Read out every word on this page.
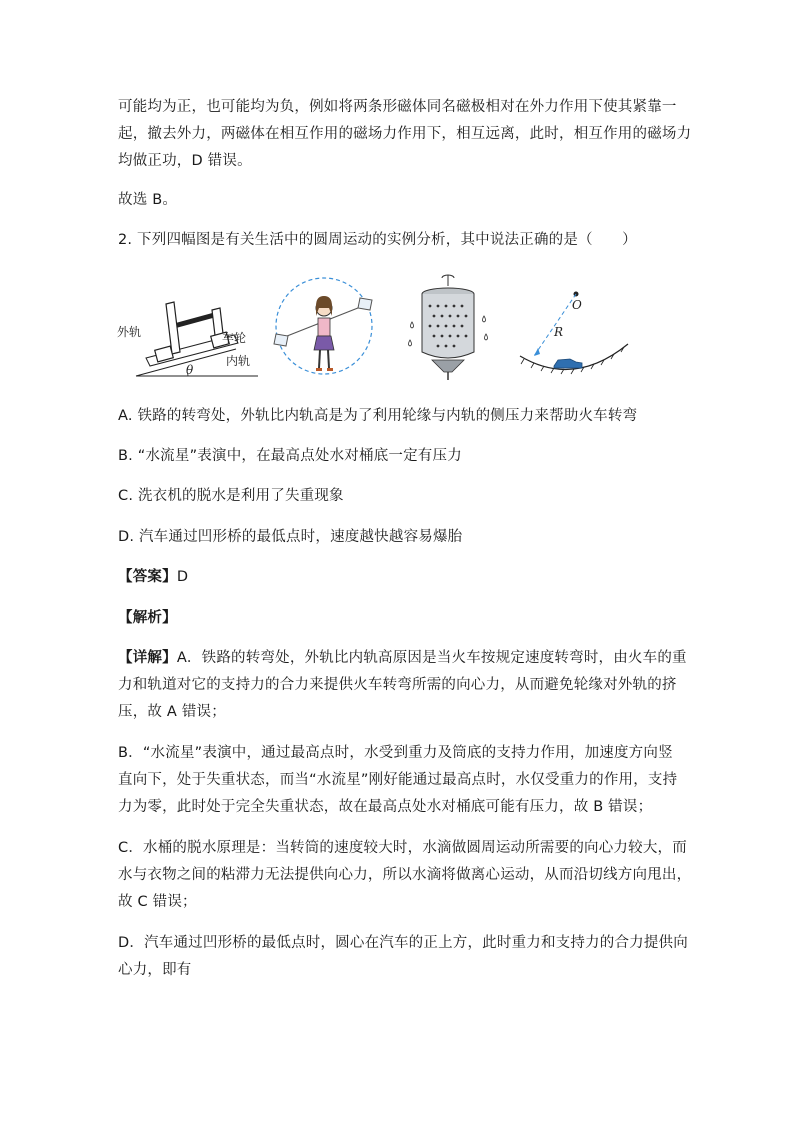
可能均为正，也可能均为负，例如将两条形磁体同名磁极相对在外力作用下使其紧靠一
起，撤去外力，两磁体在相互作用的磁场力作用下，相互远离，此时，相互作用的磁场力
均做正功，D 错误。
故选 B。
2. 下列四幅图是有关生活中的圆周运动的实例分析，其中说法正确的是（　　）
外轨	车轮
内轨
θ
O
R
A. 铁路的转弯处，外轨比内轨高是为了利用轮缘与内轨的侧压力来帮助火车转弯
B. “水流星”表演中，在最高点处水对桶底一定有压力
C. 洗衣机的脱水是利用了失重现象
D. 汽车通过凹形桥的最低点时，速度越快越容易爆胎
【答案】D
【解析】
【详解】A．铁路的转弯处，外轨比内轨高原因是当火车按规定速度转弯时，由火车的重
力和轨道对它的支持力的合力来提供火车转弯所需的向心力，从而避免轮缘对外轨的挤
压，故 A 错误；
B．“水流星”表演中，通过最高点时，水受到重力及筒底的支持力作用，加速度方向竖
直向下，处于失重状态，而当“水流星”刚好能通过最高点时，水仅受重力的作用，支持
力为零，此时处于完全失重状态，故在最高点处水对桶底可能有压力，故 B 错误；
C．水桶的脱水原理是：当转筒的速度较大时，水滴做圆周运动所需要的向心力较大，而
水与衣物之间的粘滞力无法提供向心力，所以水滴将做离心运动，从而沿切线方向甩出，
故 C 错误；
D．汽车通过凹形桥的最低点时，圆心在汽车的正上方，此时重力和支持力的合力提供向
心力，即有
